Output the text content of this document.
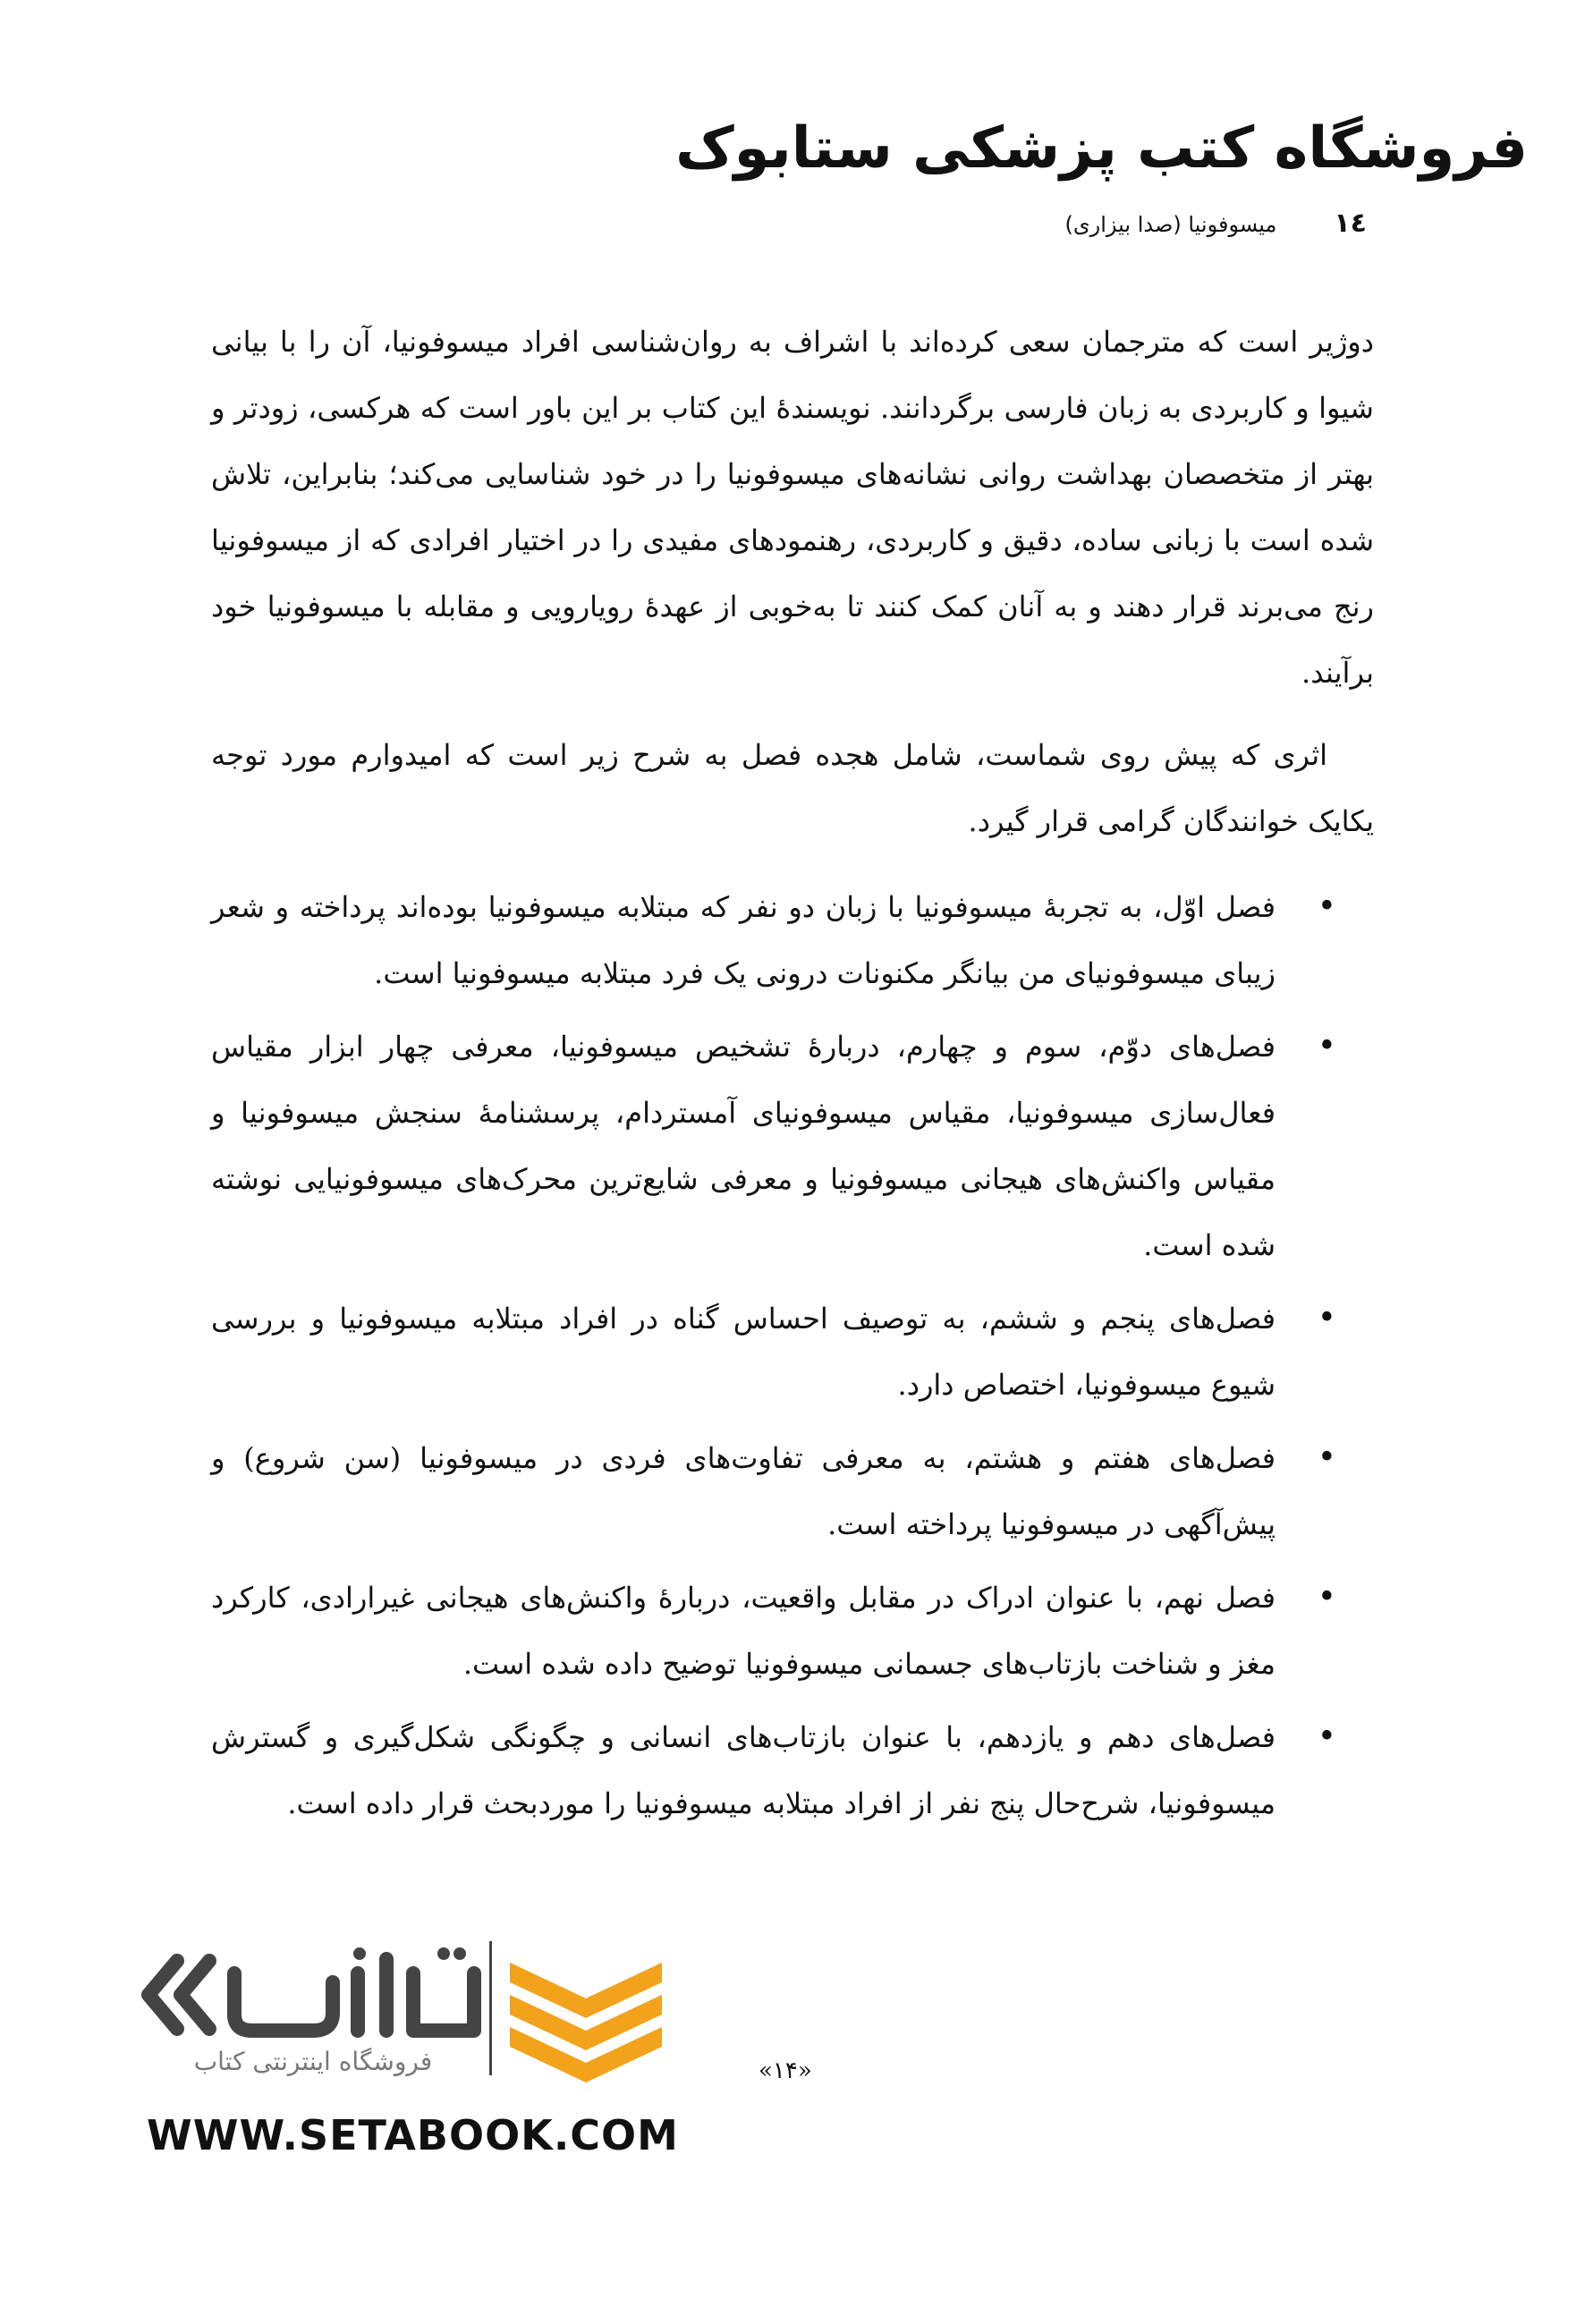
فروشگاه کتب پزشکی ستابوک
١٤
میسوفونیا (صدا بیزاری)

دوژیر است که مترجمان سعی کرده‌اند با اشراف به روان‌شناسی افراد میسوفونیا، آن را با بیانی شیوا و کاربردی به زبان فارسی برگردانند. نویسندهٔ این کتاب بر این باور است که هرکسی، زودتر و بهتر از متخصصان بهداشت روانی نشانه‌های میسوفونیا را در خود شناسایی می‌کند؛ بنابراین، تلاش شده است با زبانی ساده، دقیق و کاربردی، رهنمودهای مفیدی را در اختیار افرادی که از میسوفونیا رنج می‌برند قرار دهند و به آنان کمک کنند تا به‌خوبی از عهدهٔ رویارویی و مقابله با میسوفونیا خود برآیند.

اثری که پیش روی شماست، شامل هجده فصل به شرح زیر است که امیدوارم مورد توجه یکایک خوانندگان گرامی قرار گیرد.

•
فصل اوّل، به تجربهٔ میسوفونیا با زبان دو نفر که مبتلابه میسوفونیا بوده‌اند پرداخته و شعر زیبای میسوفونیای من بیانگر مکنونات درونی یک فرد مبتلابه میسوفونیا است.
•
فصل‌های دوّم، سوم و چهارم، دربارهٔ تشخیص میسوفونیا، معرفی چهار ابزار مقیاس فعال‌سازی میسوفونیا، مقیاس میسوفونیای آمستردام، پرسشنامهٔ سنجش میسوفونیا و مقیاس واکنش‌های هیجانی میسوفونیا و معرفی شایع‌ترین محرک‌های میسوفونیایی نوشته شده است.
•
فصل‌های پنجم و ششم، به توصیف احساس گناه در افراد مبتلابه میسوفونیا و بررسی شیوع میسوفونیا، اختصاص دارد.
•
فصل‌های هفتم و هشتم، به معرفی تفاوت‌های فردی در میسوفونیا (سن شروع) و پیش‌آگهی در میسوفونیا پرداخته است.
•
فصل نهم، با عنوان ادراک در مقابل واقعیت، دربارهٔ واکنش‌های هیجانی غیرارادی، کارکرد مغز و شناخت بازتاب‌های جسمانی میسوفونیا توضیح داده شده است.
•
فصل‌های دهم و یازدهم، با عنوان بازتاب‌های انسانی و چگونگی شکل‌گیری و گسترش میسوفونیا، شرح‌حال پنج نفر از افراد مبتلابه میسوفونیا را موردبحث قرار داده است.
فروشگاه اینترنتی کتاب
WWW.SETABOOK.COM
«١۴»
